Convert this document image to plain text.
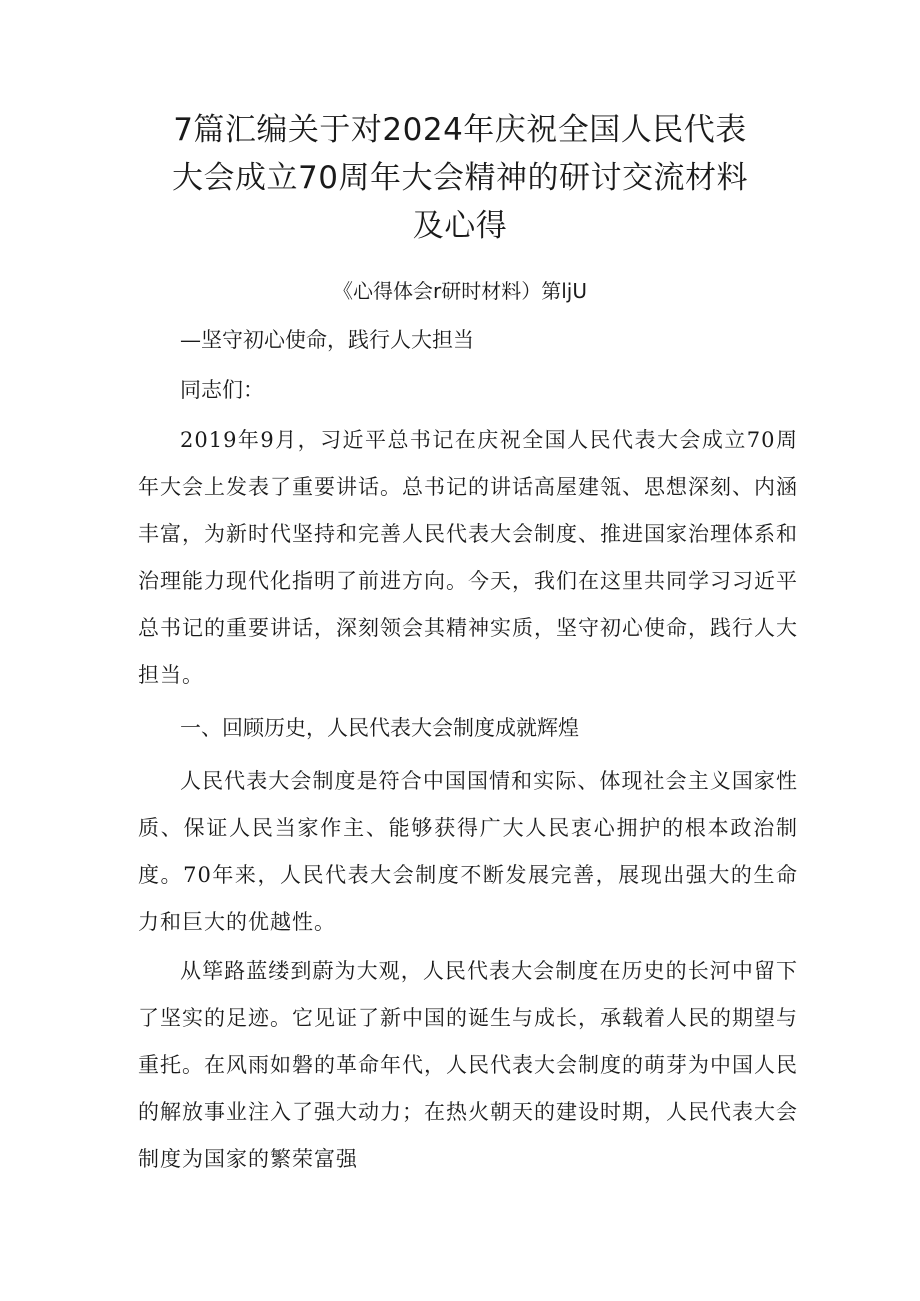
7篇汇编关于对2024年庆祝全国人民代表
大会成立70周年大会精神的研讨交流材料
及心得

《心得体会r研时材料）第ljU

—坚守初心使命，践行人大担当

同志们：

2019年9月，习近平总书记在庆祝全国人民代表大会成立70周年大会上发表了重要讲话。总书记的讲话高屋建瓴、思想深刻、内涵丰富，为新时代坚持和完善人民代表大会制度、推进国家治理体系和治理能力现代化指明了前进方向。今天，我们在这里共同学习习近平总书记的重要讲话，深刻领会其精神实质，坚守初心使命，践行人大担当。

一、回顾历史，人民代表大会制度成就辉煌

人民代表大会制度是符合中国国情和实际、体现社会主义国家性质、保证人民当家作主、能够获得广大人民衷心拥护的根本政治制度。70年来，人民代表大会制度不断发展完善，展现出强大的生命力和巨大的优越性。

从筚路蓝缕到蔚为大观，人民代表大会制度在历史的长河中留下了坚实的足迹。它见证了新中国的诞生与成长，承载着人民的期望与重托。在风雨如磐的革命年代，人民代表大会制度的萌芽为中国人民的解放事业注入了强大动力；在热火朝天的建设时期，人民代表大会制度为国家的繁荣富强
